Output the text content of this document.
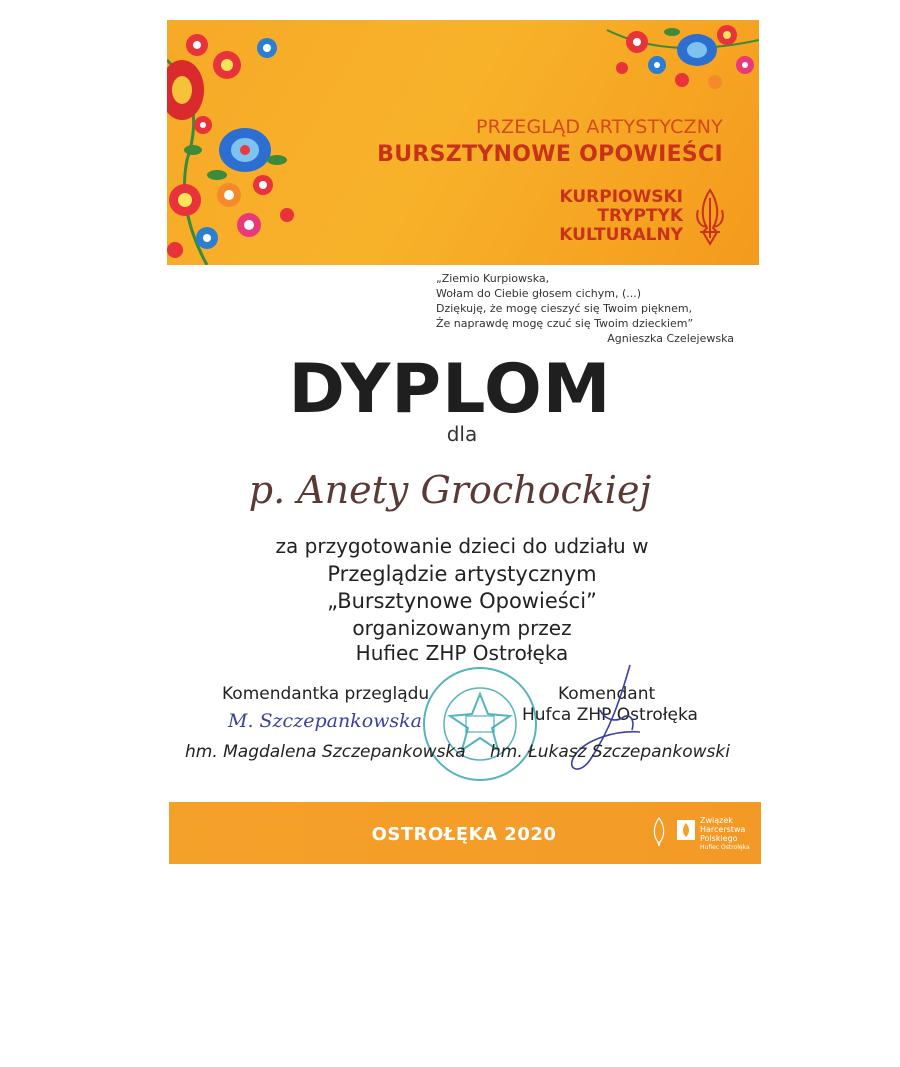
PRZEGLĄD ARTYSTYCZNY
BURSZTYNOWE OPOWIEŚCI
KURPIOWSKI
TRYPTYK
KULTURALNY
„Ziemio Kurpiowska,
Wołam do Ciebie głosem cichym, (...)
Dziękuję, że mogę cieszyć się Twoim pięknem,
Że naprawdę mogę czuć się Twoim dzieckiem”
Agnieszka Czelejewska
DYPLOM
dla
p. Anety Grochockiej
za przygotowanie dzieci do udziału w
Przeglądzie artystycznym
„Bursztynowe Opowieści”
organizowanym przez
Hufiec ZHP Ostrołęka
Komendantka przeglądu
M. Szczepankowska
hm. Magdalena Szczepankowska
Komendant
Hufca ZHP Ostrołęka
hm. Łukasz Szczepankowski
OSTROŁĘKA 2020
Związek
Harcerstwa
Polskiego
Hufiec Ostrołęka
